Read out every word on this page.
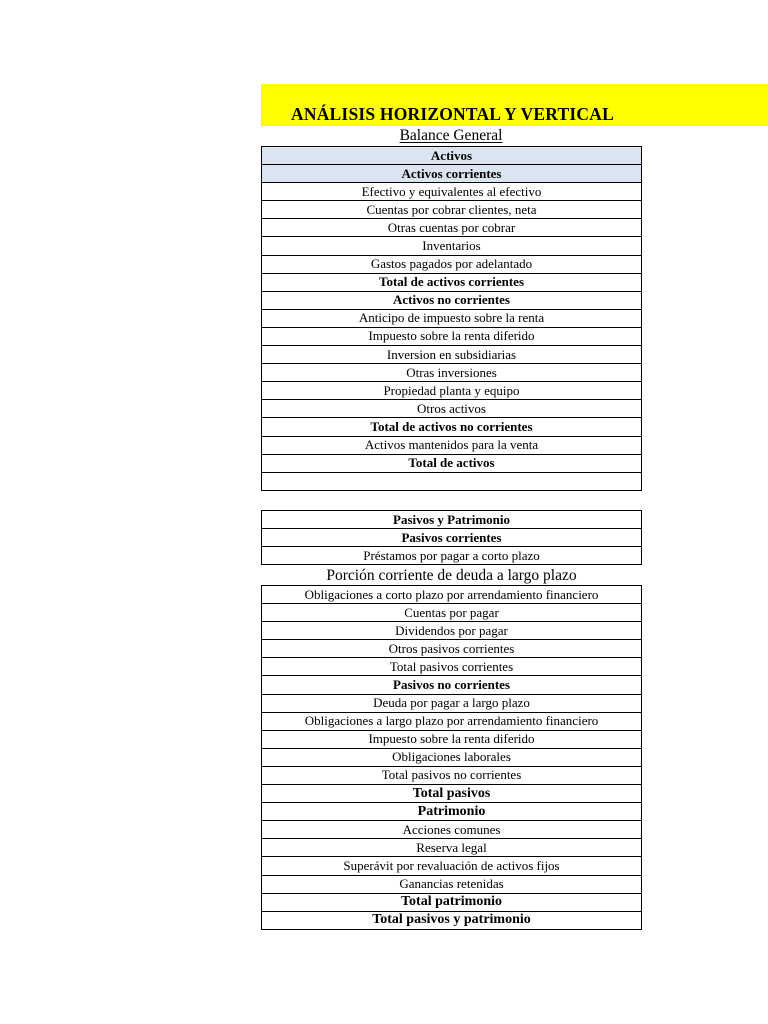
ANÁLISIS HORIZONTAL Y VERTICAL
Balance General
Activos
Activos corrientes
Efectivo y equivalentes al efectivo
Cuentas por cobrar clientes, neta
Otras cuentas por cobrar
Inventarios
Gastos pagados por adelantado
Total de activos corrientes
Activos no corrientes
Anticipo de impuesto sobre la renta
Impuesto sobre la renta diferido
Inversion en subsidiarias
Otras inversiones
Propiedad planta y equipo
Otros activos
Total de activos no corrientes
Activos mantenidos para la venta
Total de activos

Pasivos y Patrimonio
Pasivos corrientes
Préstamos por pagar a corto plazo
Porción corriente de deuda a largo plazo
Obligaciones a corto plazo por arrendamiento financiero
Cuentas por pagar
Dividendos por pagar
Otros pasivos corrientes
Total pasivos corrientes
Pasivos no corrientes
Deuda por pagar a largo plazo
Obligaciones a largo plazo por arrendamiento financiero
Impuesto sobre la renta diferido
Obligaciones laborales
Total pasivos no corrientes
Total pasivos
Patrimonio
Acciones comunes
Reserva legal
Superávit por revaluación de activos fijos
Ganancias retenidas
Total patrimonio
Total pasivos y patrimonio
